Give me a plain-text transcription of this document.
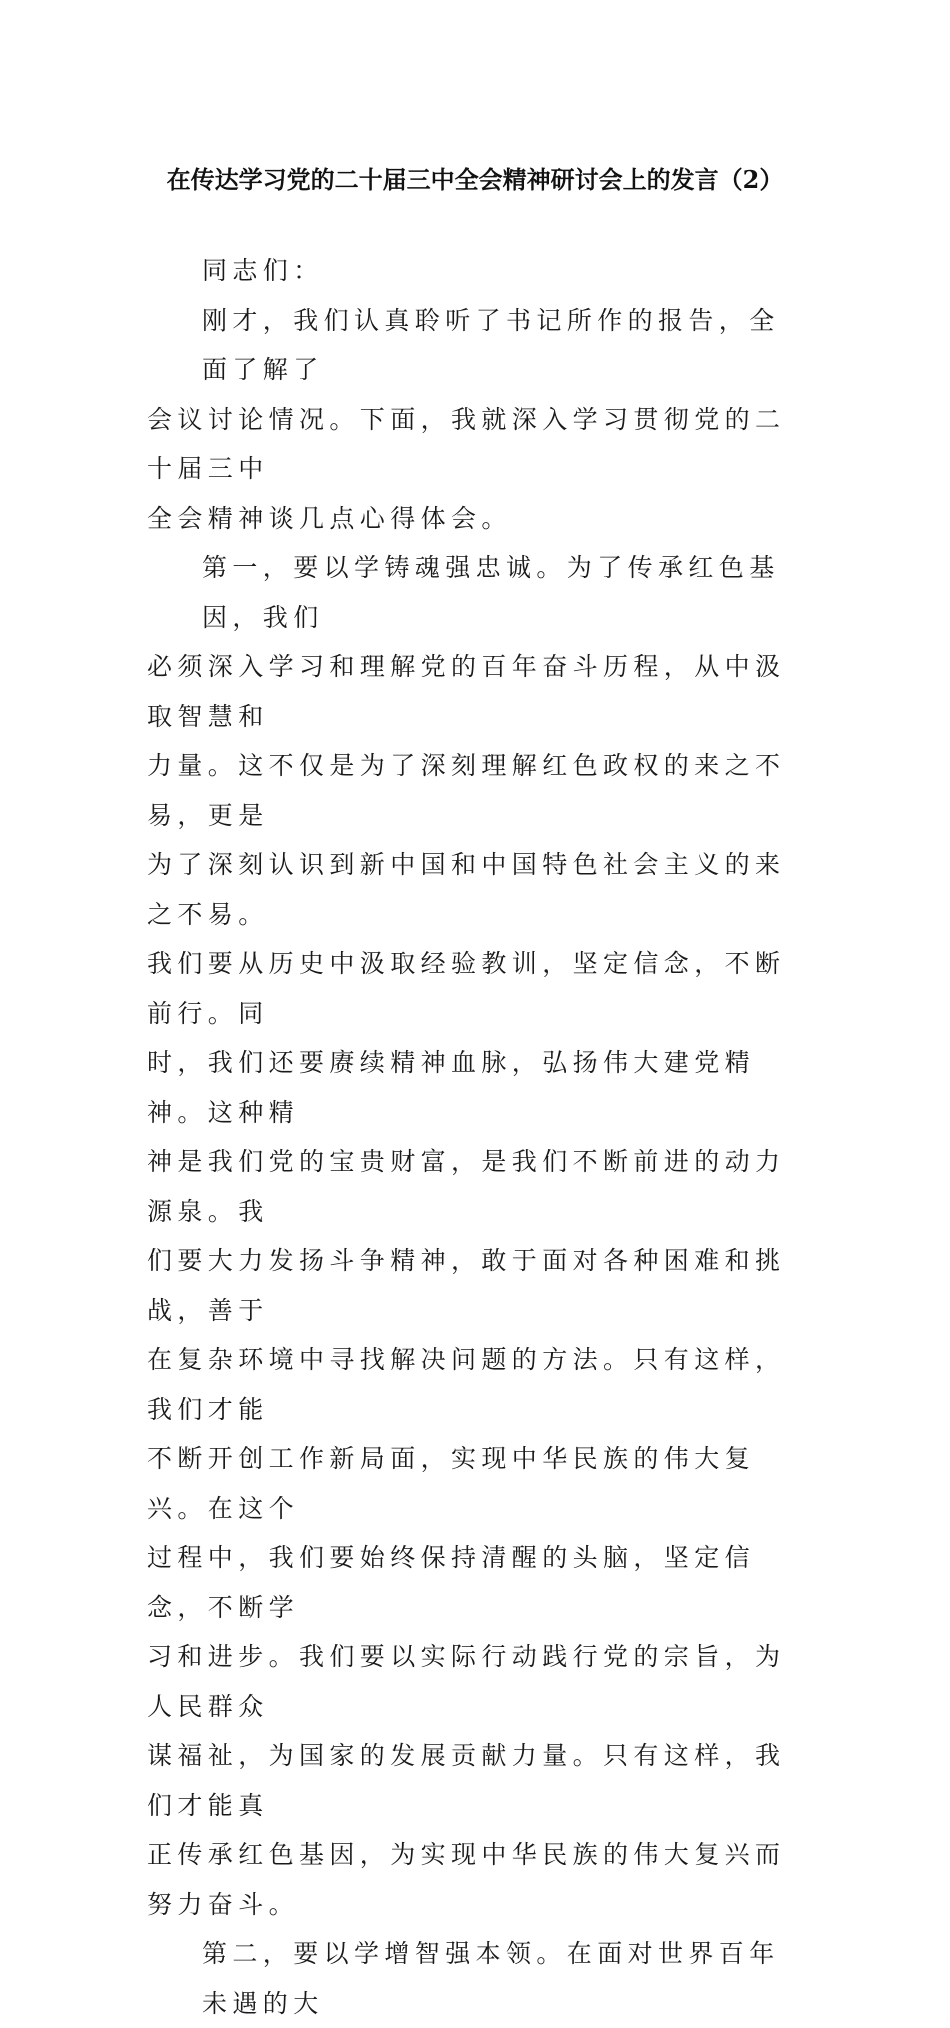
在传达学习党的二十届三中全会精神研讨会上的发言（2）
同志们：
刚才，我们认真聆听了书记所作的报告，全面了解了
会议讨论情况。下面，我就深入学习贯彻党的二十届三中
全会精神谈几点心得体会。
第一，要以学铸魂强忠诚。为了传承红色基因，我们
必须深入学习和理解党的百年奋斗历程，从中汲取智慧和
力量。这不仅是为了深刻理解红色政权的来之不易，更是
为了深刻认识到新中国和中国特色社会主义的来之不易。
我们要从历史中汲取经验教训，坚定信念，不断前行。同
时，我们还要赓续精神血脉，弘扬伟大建党精神。这种精
神是我们党的宝贵财富，是我们不断前进的动力源泉。我
们要大力发扬斗争精神，敢于面对各种困难和挑战，善于
在复杂环境中寻找解决问题的方法。只有这样，我们才能
不断开创工作新局面，实现中华民族的伟大复兴。在这个
过程中，我们要始终保持清醒的头脑，坚定信念，不断学
习和进步。我们要以实际行动践行党的宗旨，为人民群众
谋福祉，为国家的发展贡献力量。只有这样，我们才能真
正传承红色基因，为实现中华民族的伟大复兴而努力奋斗。
第二，要以学增智强本领。在面对世界百年未遇的大
